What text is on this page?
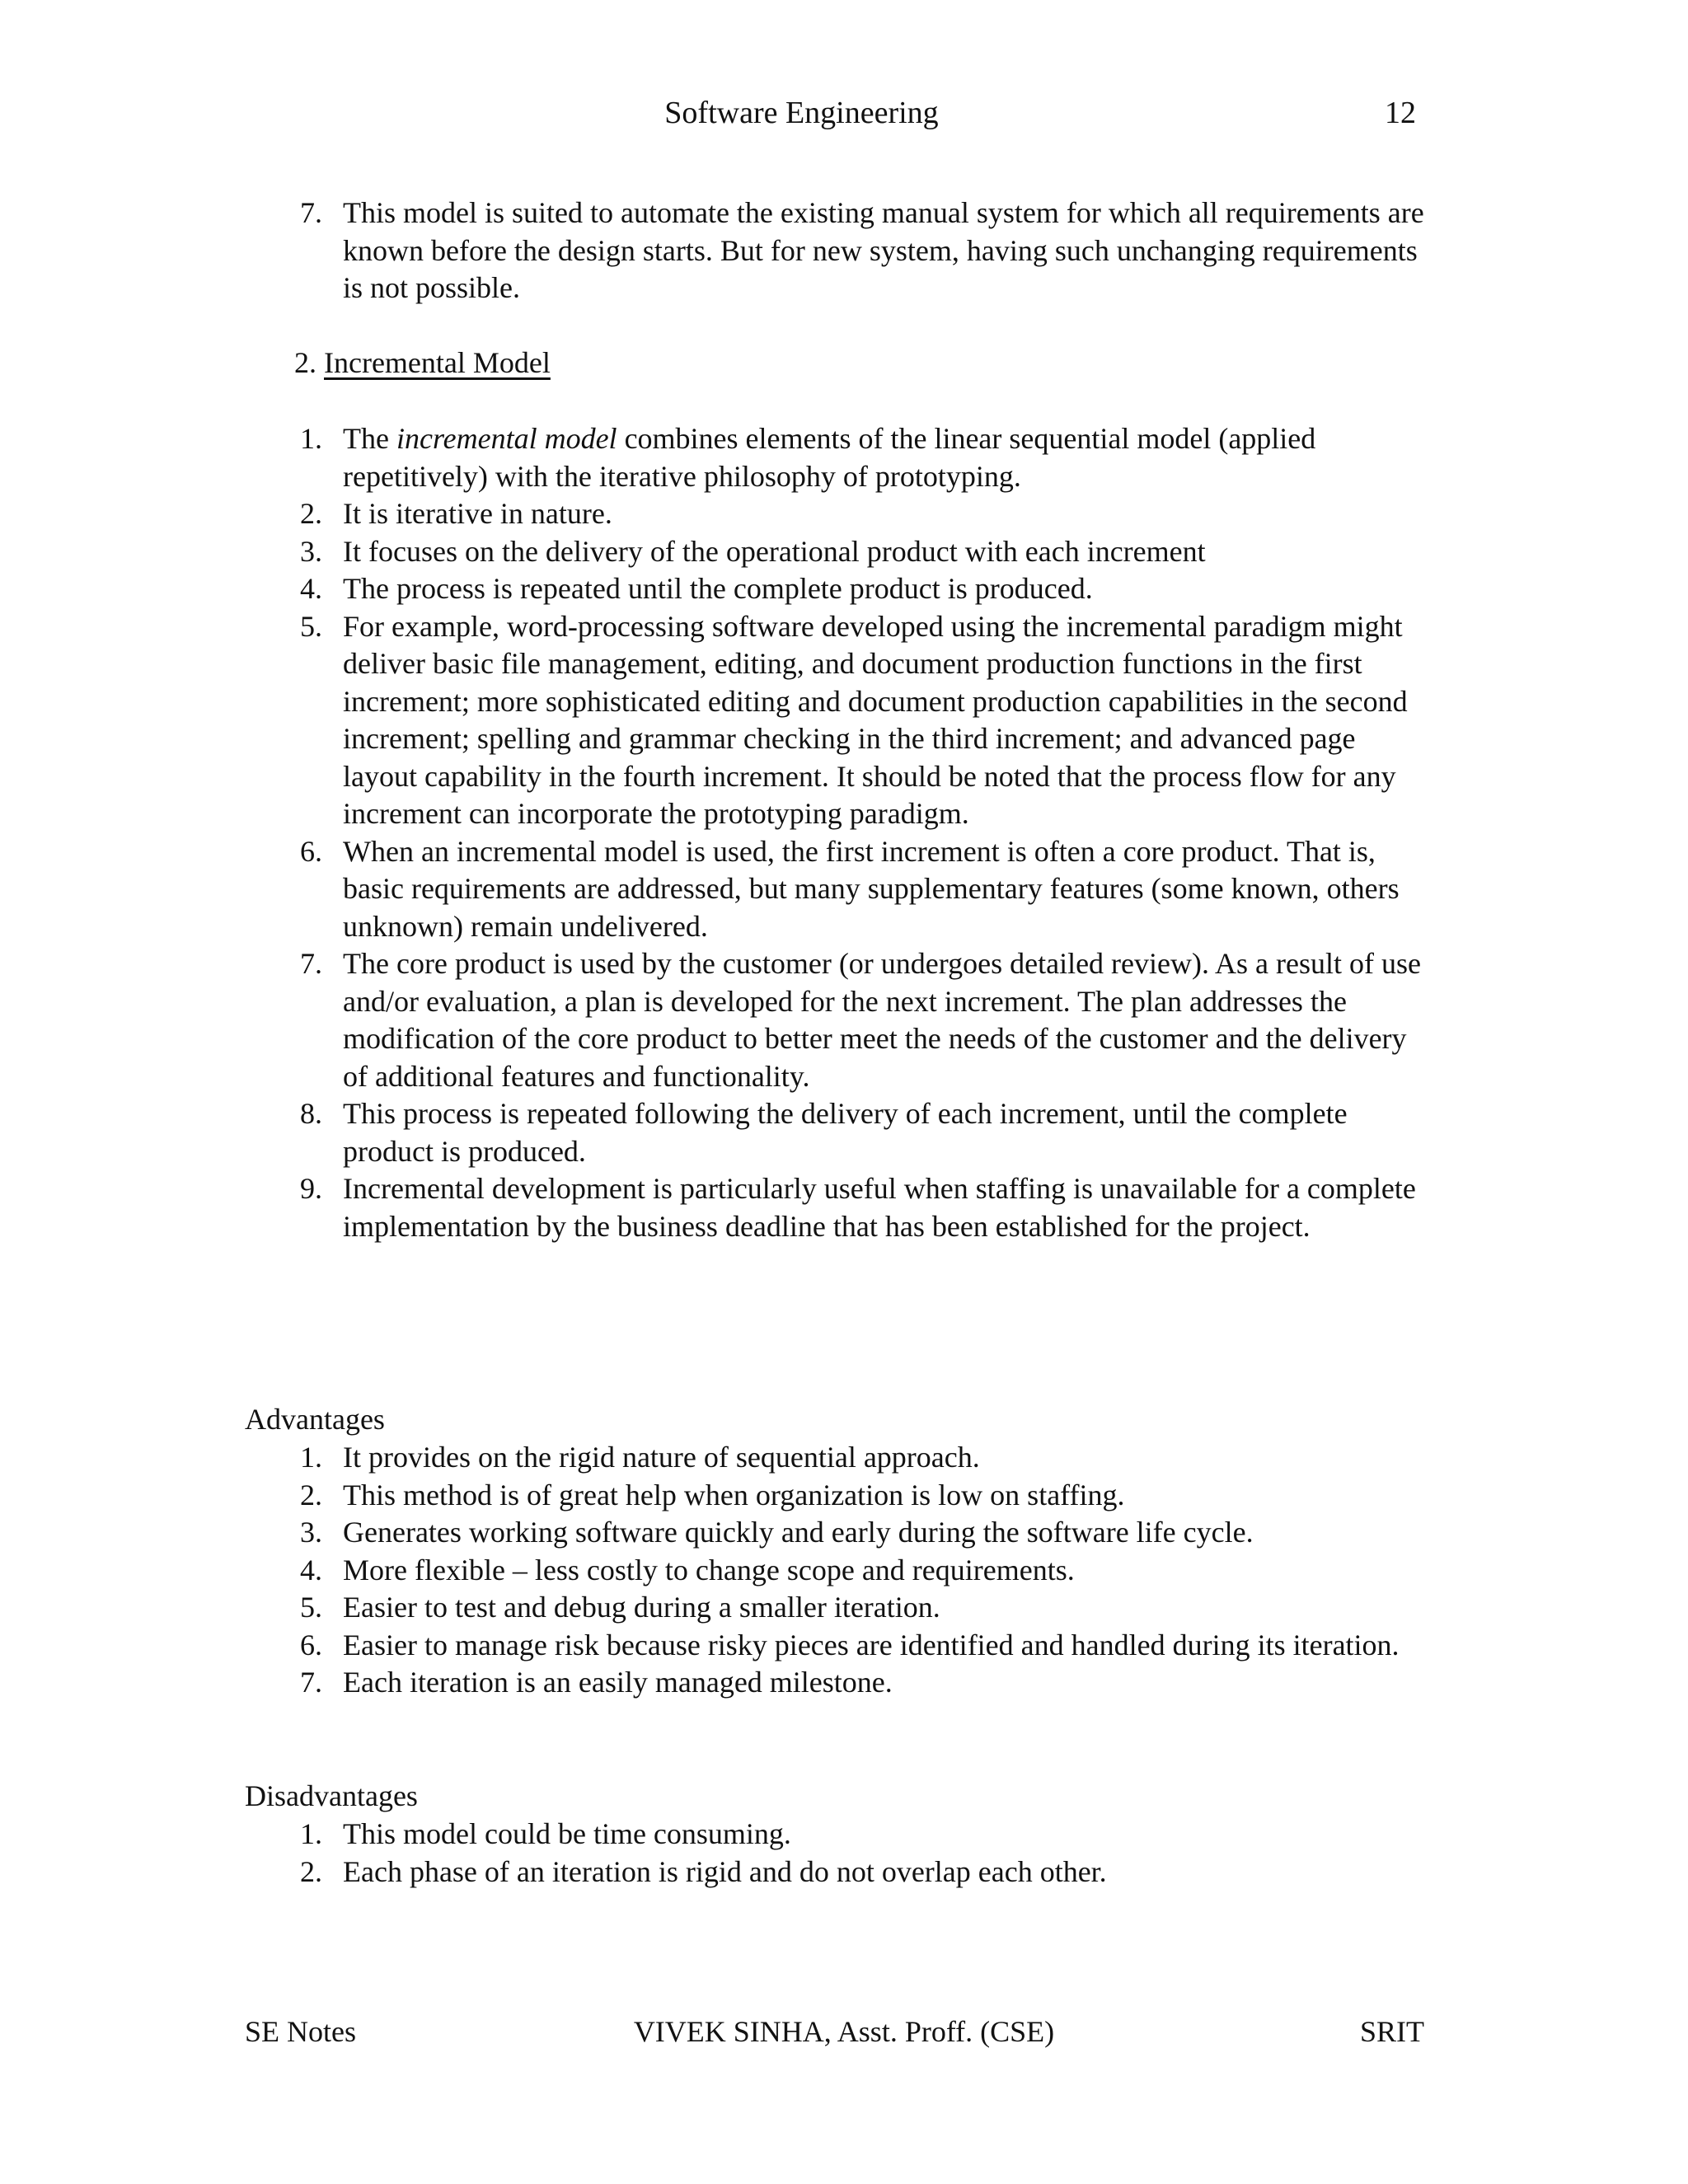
Software Engineering	12
7. This model is suited to automate the existing manual system for which all requirements are known before the design starts. But for new system, having such unchanging requirements is not possible.
2. Incremental Model
1. The incremental model combines elements of the linear sequential model (applied repetitively) with the iterative philosophy of prototyping.
2. It is iterative in nature.
3. It focuses on the delivery of the operational product with each increment
4. The process is repeated until the complete product is produced.
5. For example, word-processing software developed using the incremental paradigm might deliver basic file management, editing, and document production functions in the first increment; more sophisticated editing and document production capabilities in the second increment; spelling and grammar checking in the third increment; and advanced page layout capability in the fourth increment. It should be noted that the process flow for any increment can incorporate the prototyping paradigm.
6. When an incremental model is used, the first increment is often a core product. That is, basic requirements are addressed, but many supplementary features (some known, others unknown) remain undelivered.
7. The core product is used by the customer (or undergoes detailed review). As a result of use and/or evaluation, a plan is developed for the next increment. The plan addresses the modification of the core product to better meet the needs of the customer and the delivery of additional features and functionality.
8. This process is repeated following the delivery of each increment, until the complete product is produced.
9. Incremental development is particularly useful when staffing is unavailable for a complete implementation by the business deadline that has been established for the project.
Advantages
1. It provides on the rigid nature of sequential approach.
2. This method is of great help when organization is low on staffing.
3. Generates working software quickly and early during the software life cycle.
4. More flexible – less costly to change scope and requirements.
5. Easier to test and debug during a smaller iteration.
6. Easier to manage risk because risky pieces are identified and handled during its iteration.
7. Each iteration is an easily managed milestone.
Disadvantages
1. This model could be time consuming.
2. Each phase of an iteration is rigid and do not overlap each other.
SE Notes	VIVEK SINHA, Asst. Proff. (CSE)	SRIT
